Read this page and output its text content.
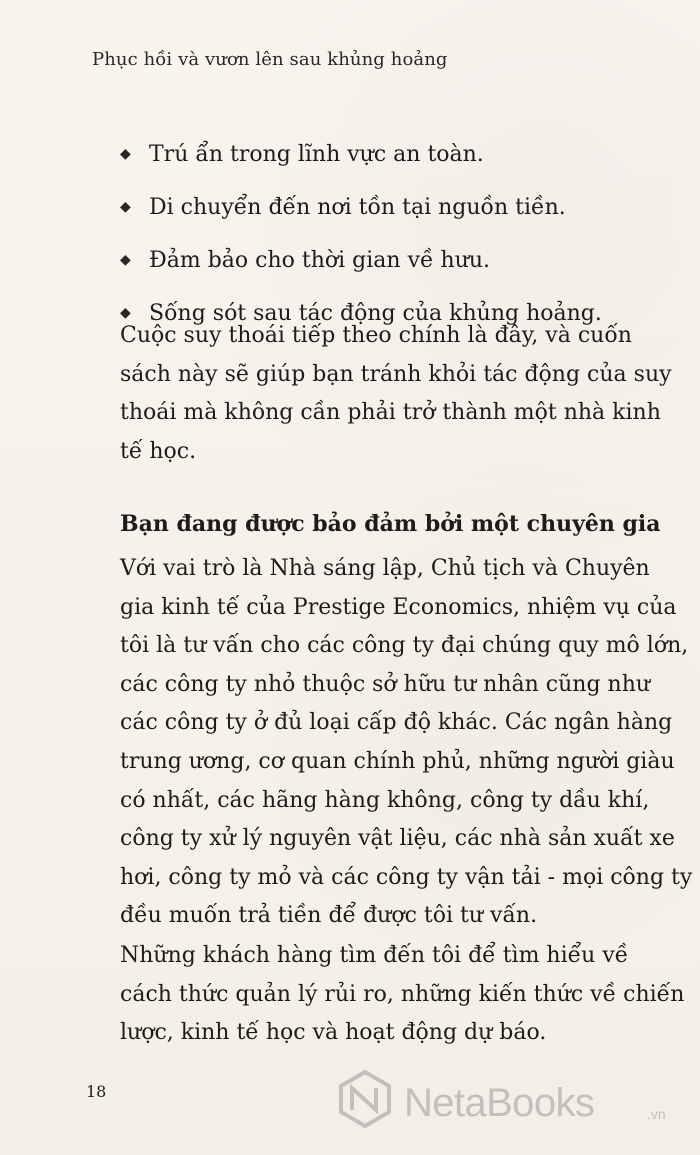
Phục hồi và vươn lên sau khủng hoảng
◆ Trú ẩn trong lĩnh vực an toàn.
◆ Di chuyển đến nơi tồn tại nguồn tiền.
◆ Đảm bảo cho thời gian về hưu.
◆ Sống sót sau tác động của khủng hoảng.

Cuộc suy thoái tiếp theo chính là đây, và cuốn
sách này sẽ giúp bạn tránh khỏi tác động của suy
thoái mà không cần phải trở thành một nhà kinh
tế học.

Bạn đang được bảo đảm bởi một chuyên gia

Với vai trò là Nhà sáng lập, Chủ tịch và Chuyên
gia kinh tế của Prestige Economics, nhiệm vụ của
tôi là tư vấn cho các công ty đại chúng quy mô lớn,
các công ty nhỏ thuộc sở hữu tư nhân cũng như
các công ty ở đủ loại cấp độ khác. Các ngân hàng
trung ương, cơ quan chính phủ, những người giàu
có nhất, các hãng hàng không, công ty dầu khí,
công ty xử lý nguyên vật liệu, các nhà sản xuất xe
hơi, công ty mỏ và các công ty vận tải - mọi công ty
đều muốn trả tiền để được tôi tư vấn.

Những khách hàng tìm đến tôi để tìm hiểu về
cách thức quản lý rủi ro, những kiến thức về chiến
lược, kinh tế học và hoạt động dự báo.

18	NetaBooks	.vn
